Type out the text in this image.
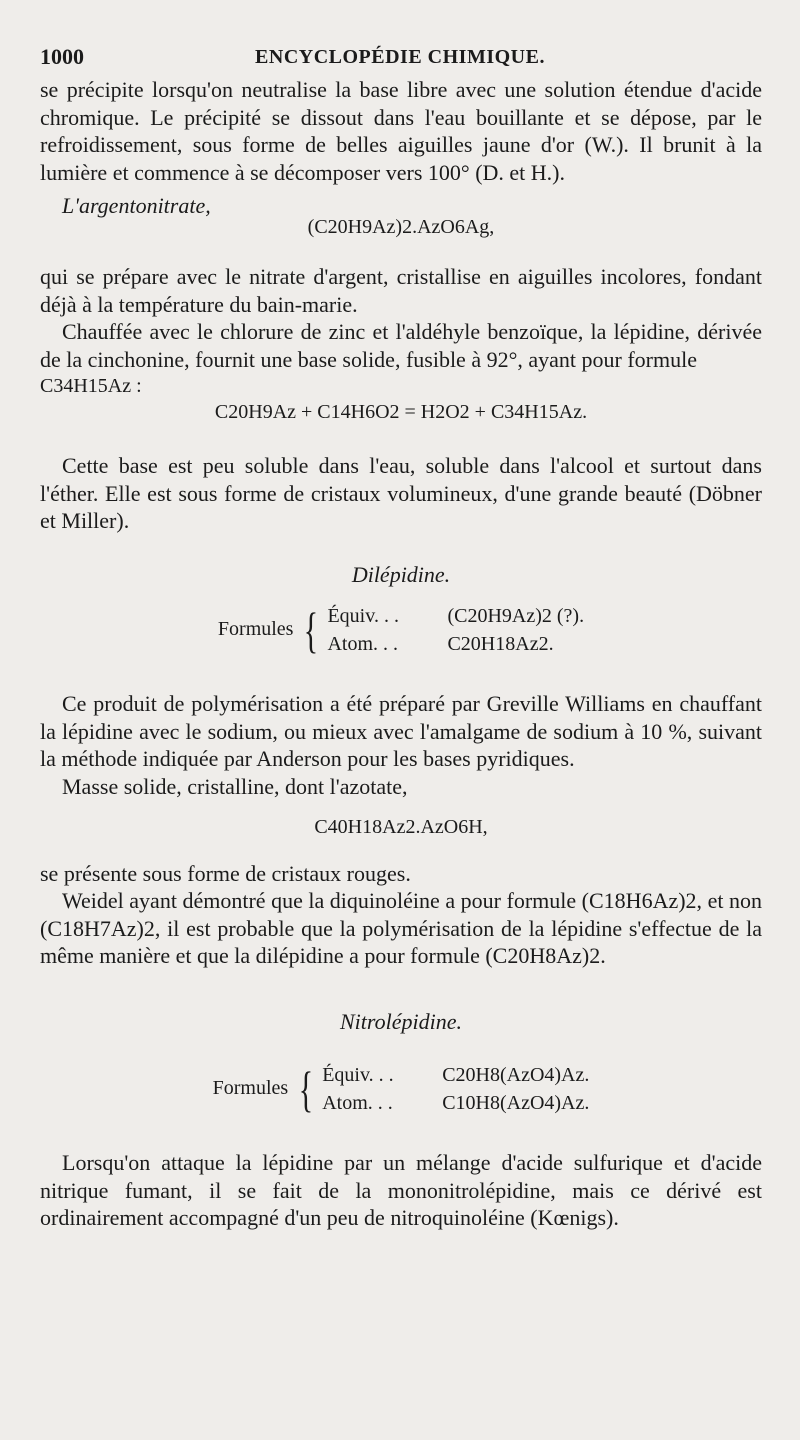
1000	ENCYCLOPÉDIE CHIMIQUE.

se précipite lorsqu'on neutralise la base libre avec une solution étendue d'acide chromique. Le précipité se dissout dans l'eau bouillante et se dépose, par le refroidissement, sous forme de belles aiguilles jaune d'or (W.). Il brunit à la lumière et commence à se décomposer vers 100° (D. et H.).

L'argentonitrate,

(C20H9Az)2.AzO6Ag,

qui se prépare avec le nitrate d'argent, cristallise en aiguilles incolores, fondant déjà à la température du bain-marie.

Chauffée avec le chlorure de zinc et l'aldéhyle benzoïque, la lépidine, dérivée de la cinchonine, fournit une base solide, fusible à 92°, ayant pour formule

C34H15Az :

C20H9Az + C14H6O2 = H2O2 + C34H15Az.

Cette base est peu soluble dans l'eau, soluble dans l'alcool et surtout dans l'éther. Elle est sous forme de cristaux volumineux, d'une grande beauté (Döbner et Miller).

Dilépidine.

Formules { Équiv. . .	(C20H9Az)2 (?).
Atom. . .	C20H18Az2.

Ce produit de polymérisation a été préparé par Greville Williams en chauffant la lépidine avec le sodium, ou mieux avec l'amalgame de sodium à 10 %, suivant la méthode indiquée par Anderson pour les bases pyridiques.

Masse solide, cristalline, dont l'azotate,

C40H18Az2.AzO6H,

se présente sous forme de cristaux rouges.

Weidel ayant démontré que la diquinoléine a pour formule (C18H6Az)2, et non (C18H7Az)2, il est probable que la polymérisation de la lépidine s'effectue de la même manière et que la dilépidine a pour formule (C20H8Az)2.

Nitrolépidine.

Formules { Équiv. . .	C20H8(AzO4)Az.
Atom. . .	C10H8(AzO4)Az.

Lorsqu'on attaque la lépidine par un mélange d'acide sulfurique et d'acide nitrique fumant, il se fait de la mononitrolépidine, mais ce dérivé est ordinairement accompagné d'un peu de nitroquinoléine (Kœnigs).
